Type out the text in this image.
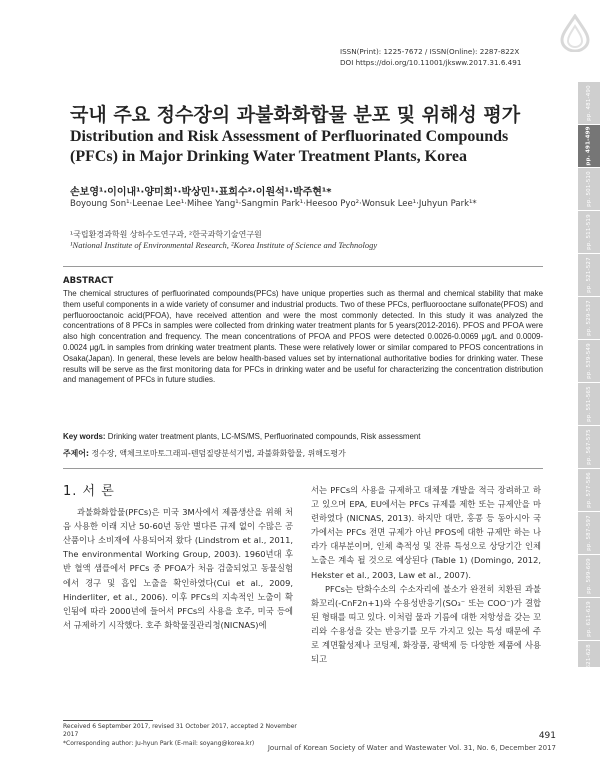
ISSN(Print): 1225-7672 / ISSN(Online): 2287-822X
DOI https://doi.org/10.11001/jksww.2017.31.6.491
pp. 481-490
pp. 491-499
pp. 501-510
pp. 511-519
pp. 521-527
pp. 529-537
pp. 539-549
pp. 551-565
pp. 567-575
pp. 577-586
pp. 587-597
pp. 599-609
pp. 611-619
pp. 621-628
국내 주요 정수장의 과불화화합물 분포 및 위해성 평가
Distribution and Risk Assessment of Perfluorinated Compounds (PFCs) in Major Drinking Water Treatment Plants, Korea
손보영¹·이이내¹·양미희¹·박상민¹·표희수²·이원석¹·박주현¹*
Boyoung Son¹·Leenae Lee¹·Mihee Yang¹·Sangmin Park¹·Heesoo Pyo²·Wonsuk Lee¹·Juhyun Park¹*
¹국립환경과학원 상하수도연구과, ²한국과학기술연구원
¹National Institute of Environmental Research, ²Korea Institute of Science and Technology
ABSTRACT
The chemical structures of perfluorinated compounds(PFCs) have unique properties such as thermal and chemical stability that make them useful components in a wide variety of consumer and industrial products. Two of these PFCs, perfluorooctane sulfonate(PFOS) and perfluorooctanoic acid(PFOA), have received attention and were the most commonly detected. In this study it was analyzed the concentrations of 8 PFCs in samples were collected from drinking water treatment plants for 5 years(2012-2016). PFOS and PFOA were also high concentration and frequency. The mean concentrations of PFOA and PFOS were detected 0.0026-0.0069 μg/L and 0.0009-0.0024 μg/L in samples from drinking water treatment plants. These were relatively lower or similar compared to PFOS concentrations in Osaka(Japan). In general, these levels are below health-based values set by international authoritative bodies for drinking water. These results will be serve as the first monitoring data for PFCs in drinking water and be useful for characterizing the concentration distribution and management of PFCs in future studies.
Key words: Drinking water treatment plants, LC-MS/MS, Perfluorinated compounds, Risk assessment
주제어: 정수장, 액체크로마토그래피-텐덤질량분석기법, 과불화화합물, 위해도평가
1. 서 론

과불화화합물(PFCs)은 미국 3M사에서 제품생산을 위해 처음 사용한 이래 지난 50-60년 동안 별다른 규제 없이 수많은 공산품이나 소비재에 사용되어져 왔다 (Lindstrom et al., 2011, The environmental Working Group, 2003). 1960년대 후반 혈액 샘플에서 PFCs 중 PFOA가 처음 검출되었고 동물실험에서 경구 및 흡입 노출을 확인하였다(Cui et al., 2009, Hinderliter, et al., 2006). 이후 PFCs의 지속적인 노출이 확인됨에 따라 2000년에 들어서 PFCs의 사용을 호주, 미국 등에서 규제하기 시작했다. 호주 화학물질관리청(NICNAS)에

서는 PFCs의 사용을 규제하고 대체물 개발을 적극 장려하고 하고 있으며 EPA, EU에서는 PFCs 규제를 제한 또는 규제안을 마련하였다 (NICNAS, 2013). 하지만 대만, 홍콩 등 동아시아 국가에서는 PFCs 전면 규제가 아닌 PFOS에 대한 규제만 하는 나라가 대부분이며, 인체 축적성 및 잔류 특성으로 상당기간 인체 노출은 계속 될 것으로 예상된다 (Table 1) (Domingo, 2012, Hekster et al., 2003, Law et al., 2007).

PFCs는 탄화수소의 수소자리에 불소가 완전히 치환된 과불화꼬리(-CnF2n+1)와 수용성반응기(SO₃⁻ 또는 COO⁻)가 결합된 형태를 띠고 있다. 이처럼 물과 기름에 대한 저항성을 갖는 꼬리와 수용성을 갖는 반응기를 모두 가지고 있는 특성 때문에 주로 계면활성제나 코팅제, 화장품, 광택제 등 다양한 제품에 사용되고

Received 6 September 2017, revised 31 October 2017, accepted 2 November 2017
*Corresponding author: Ju-hyun Park (E-mail: soyang@korea.kr)
491
Journal of Korean Society of Water and Wastewater Vol. 31, No. 6, December 2017
